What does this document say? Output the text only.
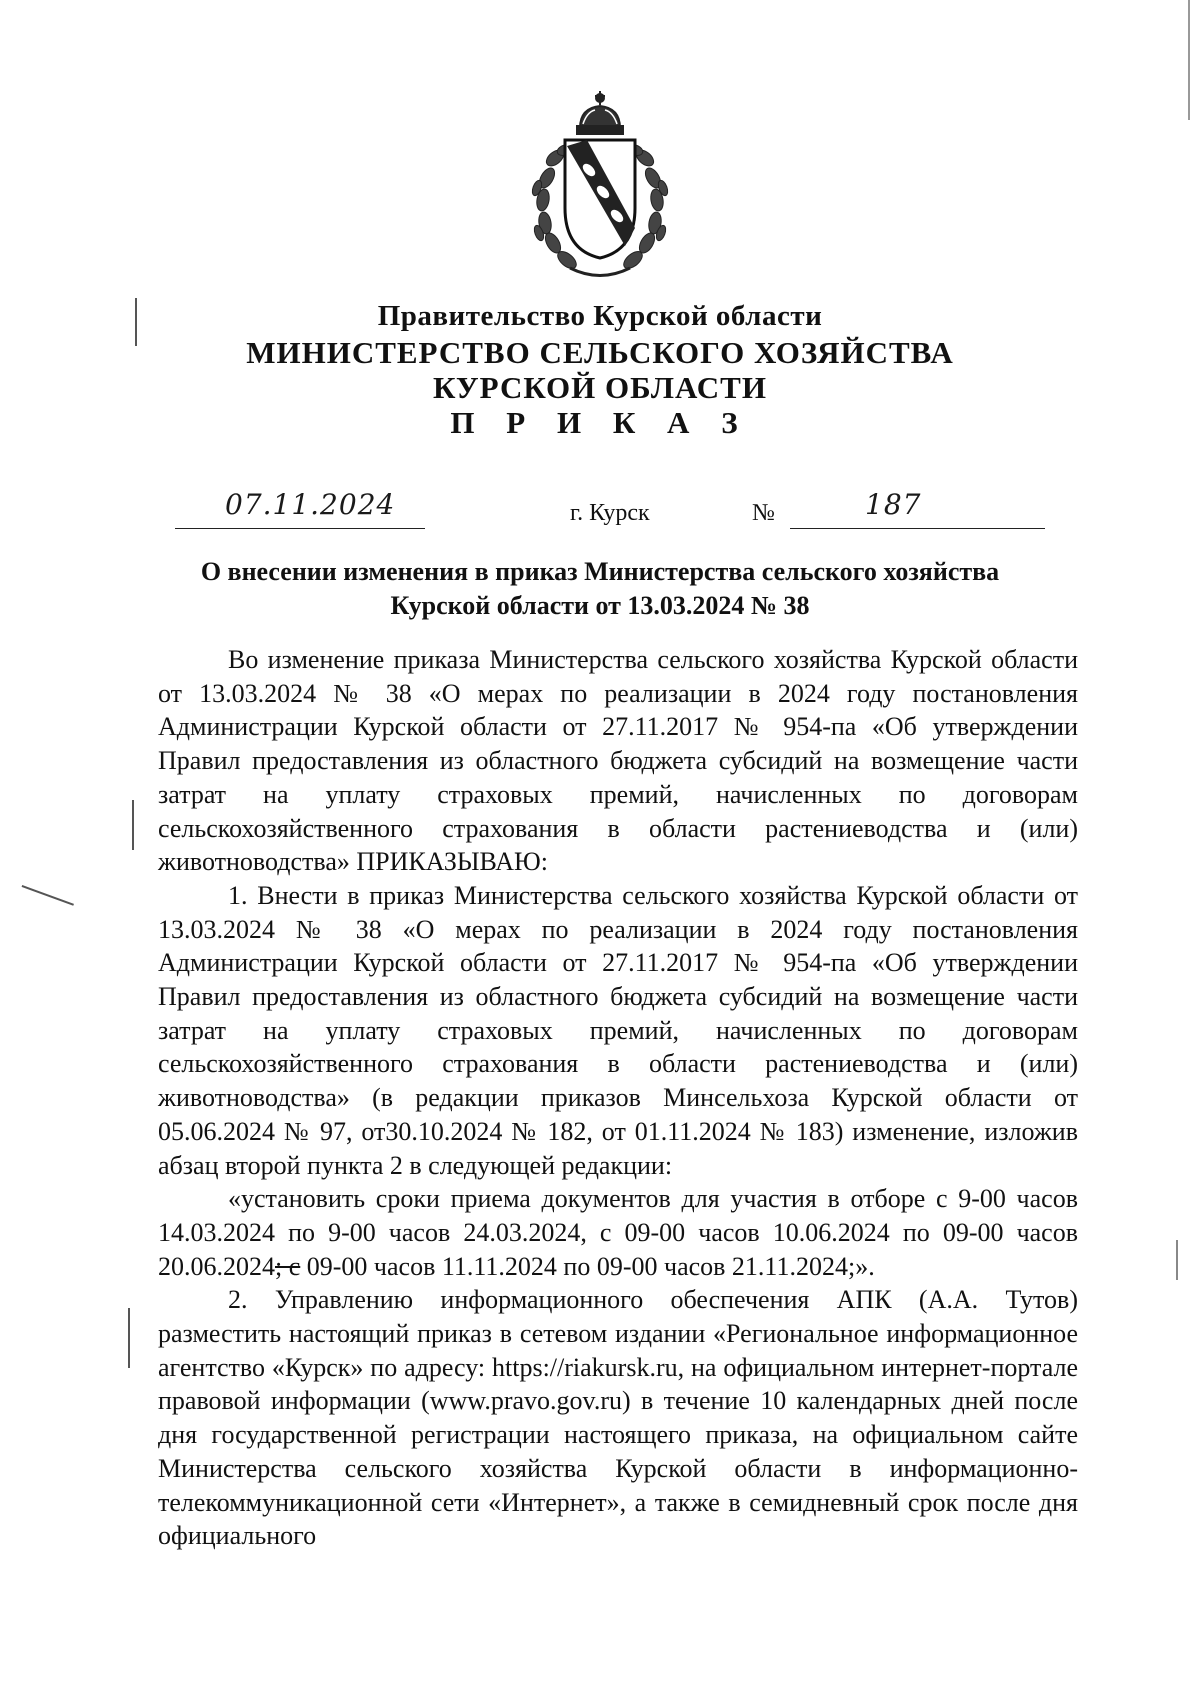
Правительство Курской области
МИНИСТЕРСТВО СЕЛЬСКОГО ХОЗЯЙСТВА
КУРСКОЙ ОБЛАСТИ
П Р И К А З
07.11.2024	г. Курск	№	187
О внесении изменения в приказ Министерства сельского хозяйства
Курской области от 13.03.2024 № 38

Во изменение приказа Министерства сельского хозяйства Курской области от 13.03.2024 № 38 «О мерах по реализации в 2024 году постановления Администрации Курской области от 27.11.2017 № 954-па «Об утверждении Правил предоставления из областного бюджета субсидий на возмещение части затрат на уплату страховых премий, начисленных по договорам сельскохозяйственного страхования в области растениеводства и (или) животноводства» ПРИКАЗЫВАЮ:

1. Внести в приказ Министерства сельского хозяйства Курской области от 13.03.2024 № 38 «О мерах по реализации в 2024 году постановления Администрации Курской области от 27.11.2017 № 954-па «Об утверждении Правил предоставления из областного бюджета субсидий на возмещение части затрат на уплату страховых премий, начисленных по договорам сельскохозяйственного страхования в области растениеводства и (или) животноводства» (в редакции приказов Минсельхоза Курской области от 05.06.2024 № 97, от30.10.2024 № 182, от 01.11.2024 № 183) изменение, изложив абзац второй пункта 2 в следующей редакции:

«установить сроки приема документов для участия в отборе с 9-00 часов 14.03.2024 по 9-00 часов 24.03.2024, с 09-00 часов 10.06.2024 по 09-00 часов 20.06.2024; с 09-00 часов 11.11.2024 по 09-00 часов 21.11.2024;».

2. Управлению информационного обеспечения АПК (А.А. Тутов) разместить настоящий приказ в сетевом издании «Региональное информационное агентство «Курск» по адресу: https://riakursk.ru, на официальном интернет-портале правовой информации (www.pravo.gov.ru) в течение 10 календарных дней после дня государственной регистрации настоящего приказа, на официальном сайте Министерства сельского хозяйства Курской области в информационно-телекоммуникационной сети «Интернет», а также в семидневный срок после дня официального
